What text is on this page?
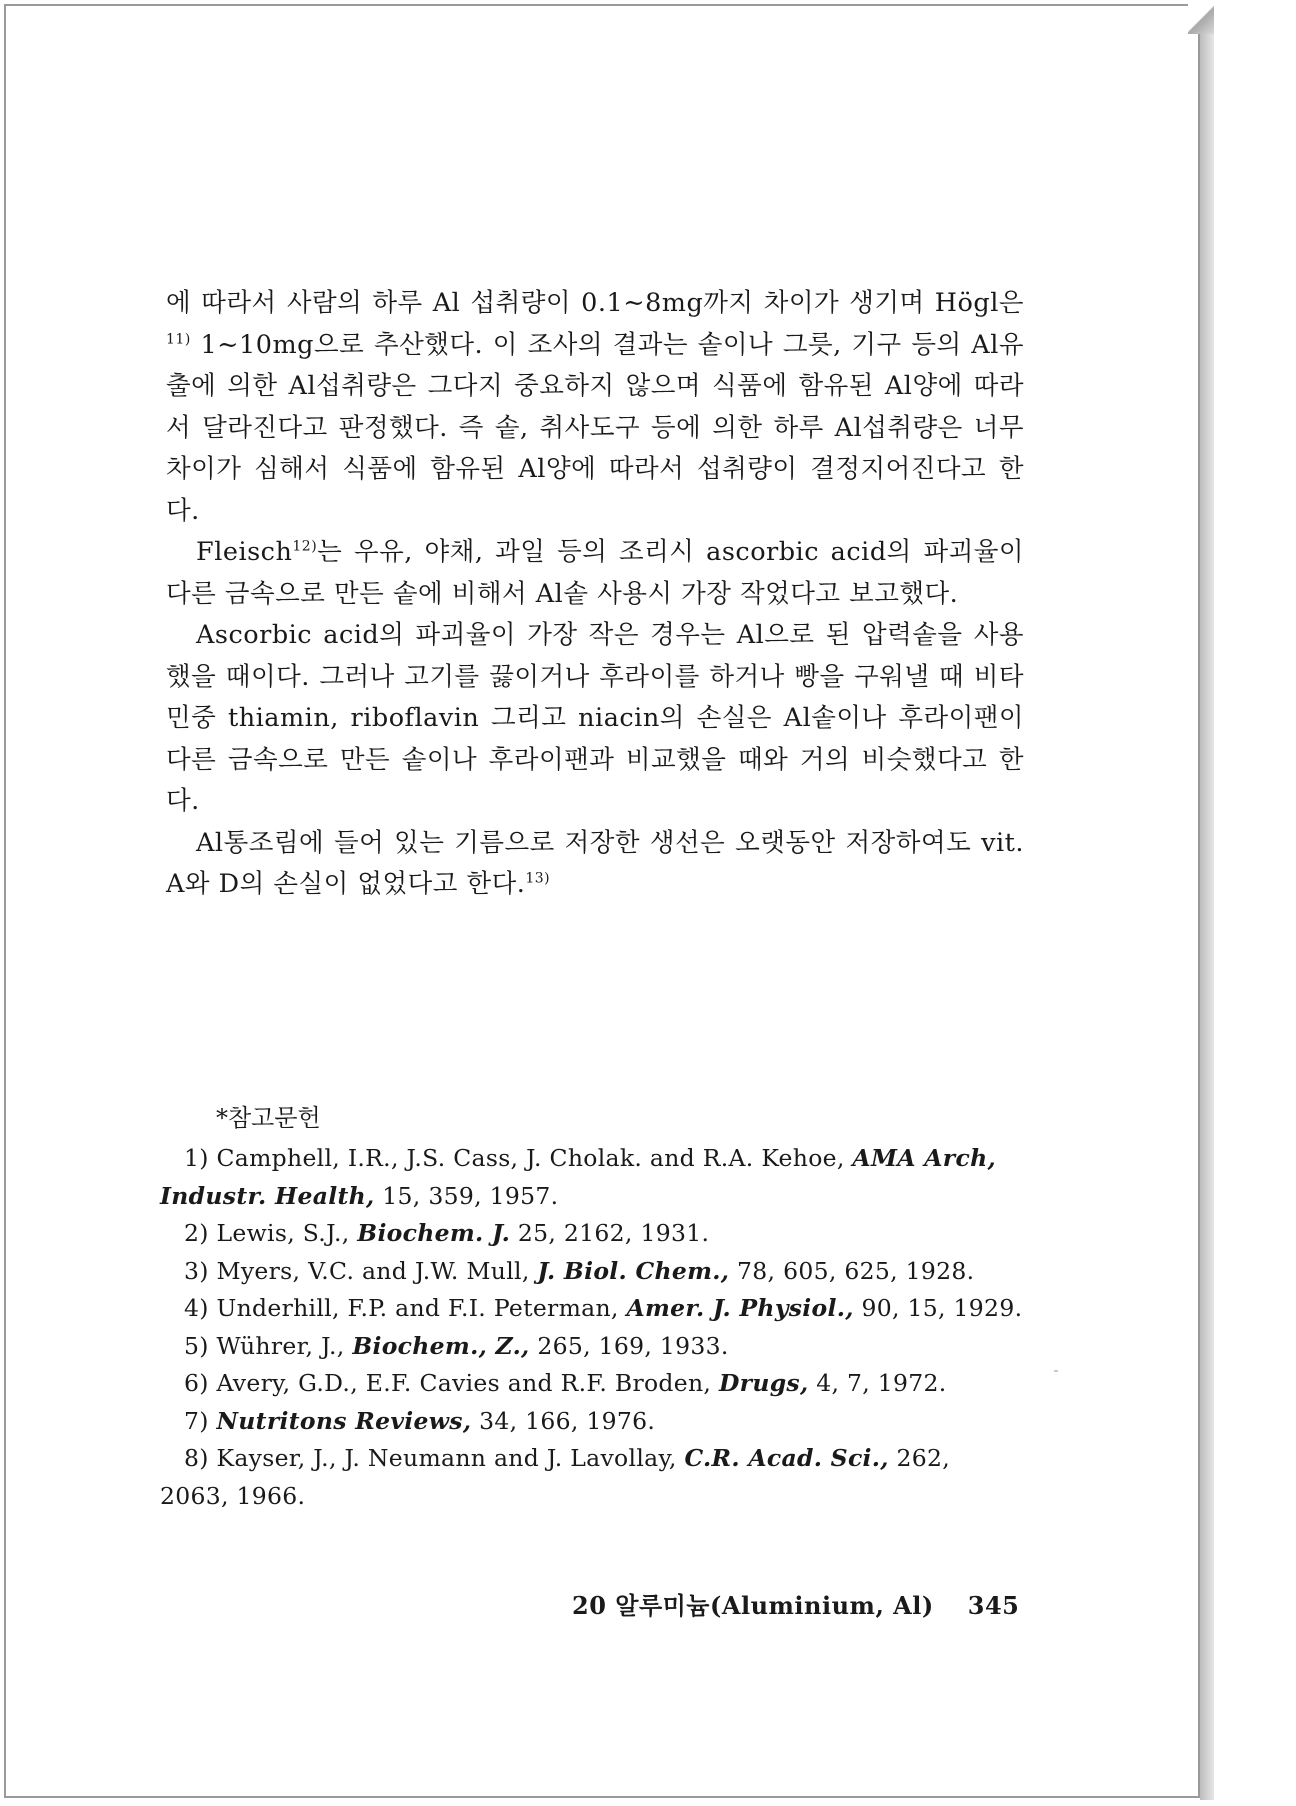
에 따라서 사람의 하루 Al 섭취량이 0.1∼8mg까지 차이가 생기며 Högl은$^{11)}$ 1∼10mg으로 추산했다. 이 조사의 결과는 솥이나 그릇, 기구 등의 Al유출에 의한 Al섭취량은 그다지 중요하지 않으며 식품에 함유된 Al양에 따라서 달라진다고 판정했다. 즉 솥, 취사도구 등에 의한 하루 Al섭취량은 너무 차이가 심해서 식품에 함유된 Al양에 따라서 섭취량이 결정지어진다고 한다.

Fleisch$^{12)}$는 우유, 야채, 과일 등의 조리시 ascorbic acid의 파괴율이 다른 금속으로 만든 솥에 비해서 Al솥 사용시 가장 작었다고 보고했다.

Ascorbic acid의 파괴율이 가장 작은 경우는 Al으로 된 압력솥을 사용했을 때이다. 그러나 고기를 끓이거나 후라이를 하거나 빵을 구워낼 때 비타민중 thiamin, riboflavin 그리고 niacin의 손실은 Al솥이나 후라이팬이 다른 금속으로 만든 솥이나 후라이팬과 비교했을 때와 거의 비슷했다고 한다.

Al통조림에 들어 있는 기름으로 저장한 생선은 오랫동안 저장하여도 vit. A와 D의 손실이 없었다고 한다.$^{13)}$

*참고문헌

1) Camphell, I.R., J.S. Cass, J. Cholak. and R.A. Kehoe, AMA Arch, Industr. Health, 15, 359, 1957.

2) Lewis, S.J., Biochem. J. 25, 2162, 1931.

3) Myers, V.C. and J.W. Mull, J. Biol. Chem., 78, 605, 625, 1928.

4) Underhill, F.P. and F.I. Peterman, Amer. J. Physiol., 90, 15, 1929.

5) Wührer, J., Biochem., Z., 265, 169, 1933.

6) Avery, G.D., E.F. Cavies and R.F. Broden, Drugs, 4, 7, 1972.

7) Nutritons Reviews, 34, 166, 1976.

8) Kayser, J., J. Neumann and J. Lavollay, C.R. Acad. Sci., 262, 2063, 1966.

20 알루미늄(Aluminium, Al) 345
